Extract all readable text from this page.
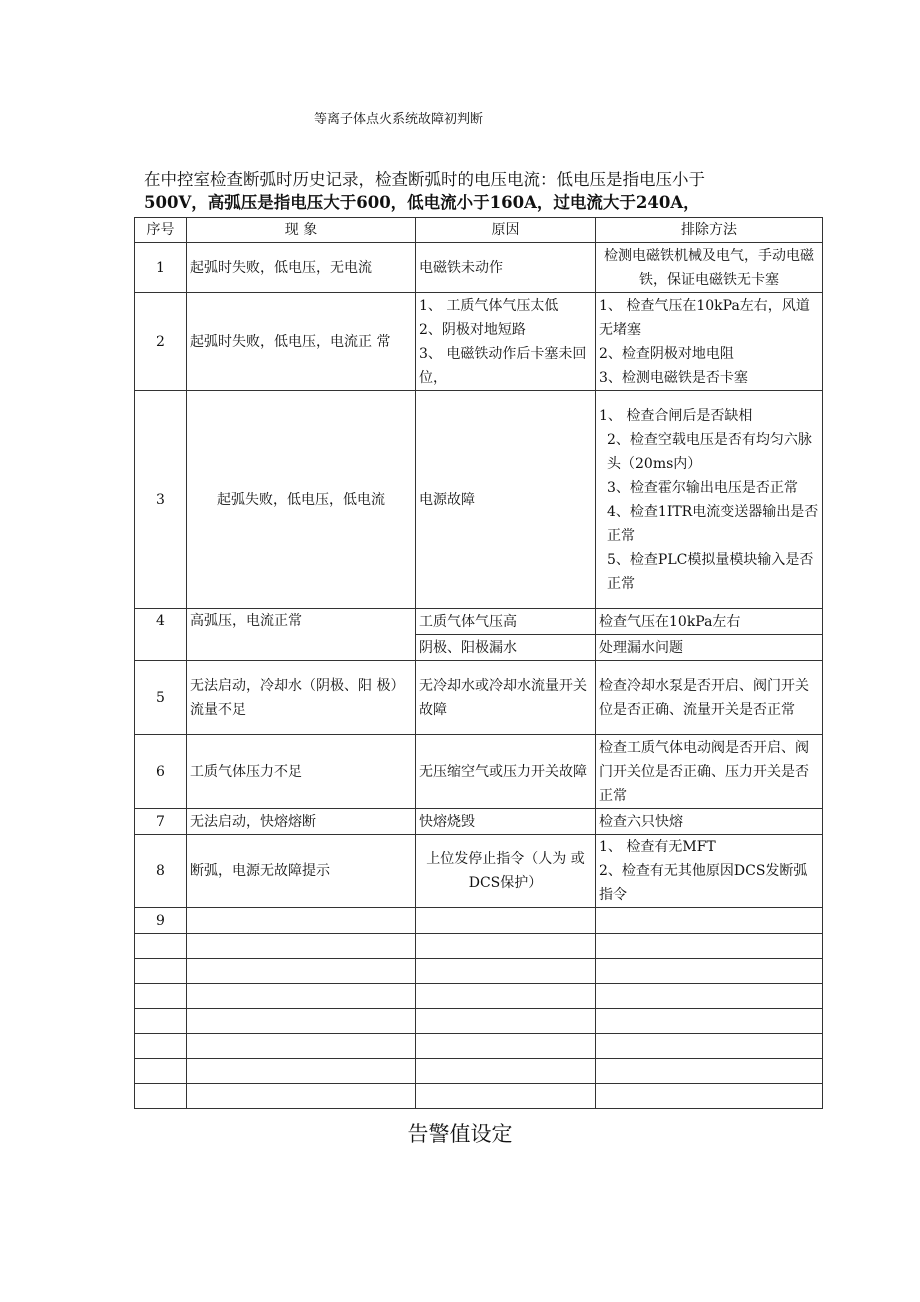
等离子体点火系统故障初判断
在中控室检查断弧时历史记录，检查断弧时的电压电流：低电压是指电压小于
500V，高弧压是指电压大于600，低电流小于160A，过电流大于240A，
序号	现 象	原因	排除方法
1	起弧时失败，低电压，无电流	电磁铁未动作	检测电磁铁机械及电气，手动电磁铁，保证电磁铁无卡塞
2	起弧时失败，低电压，电流正 常	1、 工质气体气压太低
2、阴极对地短路
3、 电磁铁动作后卡塞未回位，	1、 检查气压在10kPa左右，风道无堵塞
2、检查阴极对地电阻
3、检测电磁铁是否卡塞

3	起弧失败，低电压，低电流	电源故障	1、 检查合闸后是否缺相
2、检查空载电压是否有均匀六脉头（20ms内）
3、检查霍尔输出电压是否正常
4、检查1ITR电流变送器输出是否正常
5、检查PLC模拟量模块输入是否正常

4	高弧压，电流正常	工质气体气压高	检查气压在10kPa左右
		阴极、阳极漏水	处理漏水问题
5	无法启动，冷却水（阴极、阳 极）流量不足	无冷却水或冷却水流量开关故障	检查冷却水泵是否开启、阀门开关位是否正确、流量开关是否正常
6	工质气体压力不足	无压缩空气或压力开关故障	检查工质气体电动阀是否开启、阀门开关位是否正确、压力开关是否正常
7	无法启动，快熔熔断	快熔烧毁	检查六只快熔
8	断弧，电源无故障提示	上位发停止指令（人为 或DCS保护）	1、 检查有无MFT
2、检查有无其他原因DCS发断弧指令

9			

告警值设定
